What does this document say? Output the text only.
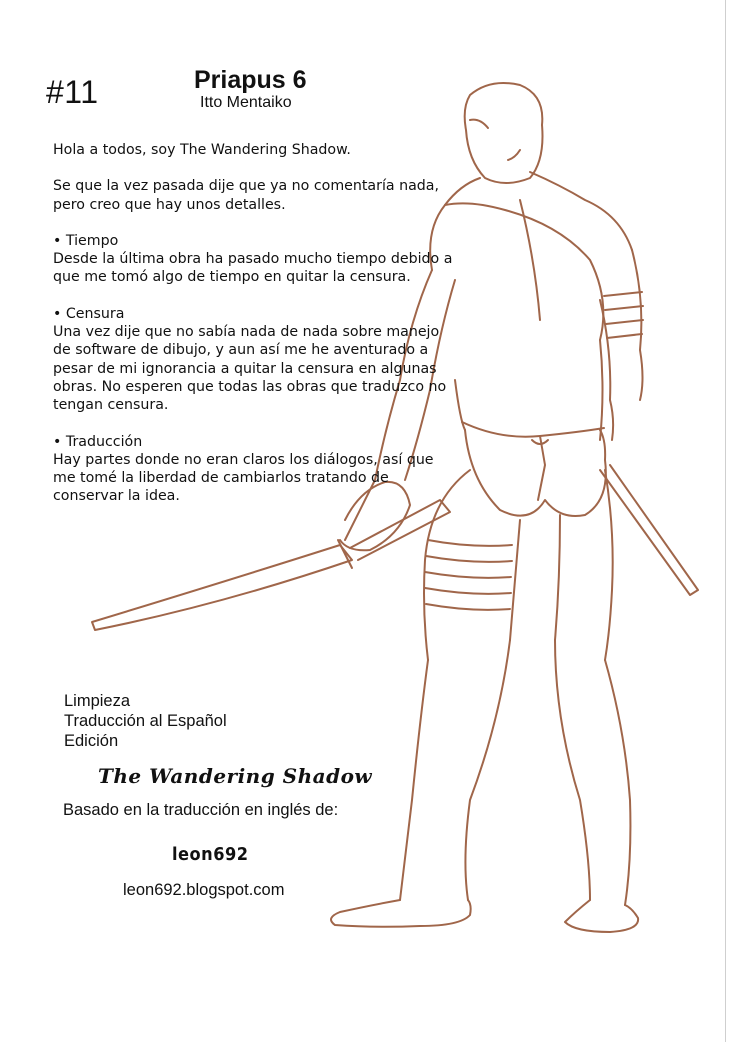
#11	Priapus 6
Itto Mentaiko

Hola a todos, soy The Wandering Shadow.

Se que la vez pasada dije que ya no comentaría nada, pero creo que hay unos detalles.

• Tiempo
Desde la última obra ha pasado mucho tiempo debido a que me tomó algo de tiempo en quitar la censura.

• Censura
Una vez dije que no sabía nada de nada sobre manejo de software de dibujo, y aun así me he aventurado a pesar de mi ignorancia a quitar la censura en algunas obras. No esperen que todas las obras que traduzco no tengan censura.

• Traducción
Hay partes donde no eran claros los diálogos, así que me tomé la liberdad de cambiarlos tratando de conservar la idea.

Limpieza
Traducción al Español
Edición
The Wandering Shadow
Basado en la traducción en inglés de:
leon692
leon692.blogspot.com
